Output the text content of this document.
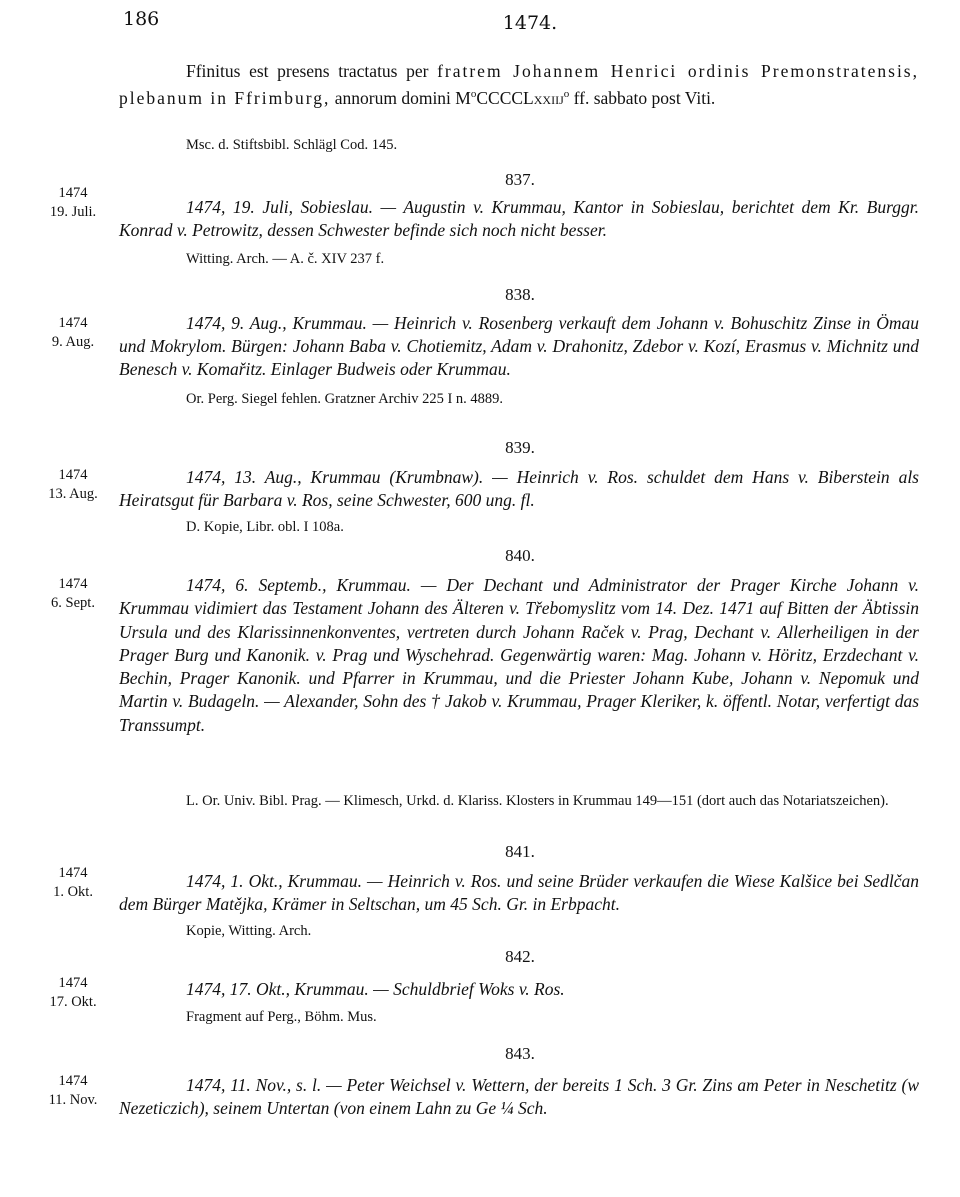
186	1474.
Ffinitus est presens tractatus per fratrem Johannem Henrici ordinis Premonstratensis, plebanum in Ffrimburg, annorum domini $M^oCCCCLxxiij^o$ ff. sabbato post Viti.
Msc. d. Stiftsbibl. Schlägl Cod. 145.
837.
1474
19. Juli.	1474, 19. Juli, Sobieslau. — Augustin v. Krummau, Kantor in Sobieslau, berichtet dem Kr. Burggr. Konrad v. Petrowitz, dessen Schwester befinde sich noch nicht besser.
Witting. Arch. — A. č. XIV 237 f.
838.
1474
9. Aug.
1474, 9. Aug., Krummau. — Heinrich v. Rosenberg verkauft dem Johann v. Bohuschitz Zinse in Ömau und Mokrylom. Bürgen: Johann Baba v. Chotiemitz, Adam v. Drahonitz, Zdebor v. Kozí, Erasmus v. Michnitz und Benesch v. Komařitz. Einlager Budweis oder Krummau.
Or. Perg. Siegel fehlen. Gratzner Archiv 225 I n. 4889.
839.
1474
13. Aug.
1474, 13. Aug., Krummau (Krumbnaw). — Heinrich v. Ros. schuldet dem Hans v. Biberstein als Heiratsgut für Barbara v. Ros, seine Schwester, 600 ung. fl.
D. Kopie, Libr. obl. I 108a.
840.
1474
6. Sept.
1474, 6. Septemb., Krummau. — Der Dechant und Administrator der Prager Kirche Johann v. Krummau vidimiert das Testament Johann des Älteren v. Třebomyslitz vom 14. Dez. 1471 auf Bitten der Äbtissin Ursula und des Klarissinnenkonventes, vertreten durch Johann Raček v. Prag, Dechant v. Allerheiligen in der Prager Burg und Kanonik. v. Prag und Wyschehrad. Gegenwärtig waren: Mag. Johann v. Höritz, Erzdechant v. Bechin, Prager Kanonik. und Pfarrer in Krummau, und die Priester Johann Kube, Johann v. Nepomuk und Martin v. Budageln. — Alexander, Sohn des † Jakob v. Krummau, Prager Kleriker, k. öffentl. Notar, verfertigt das Transsumpt.
L. Or. Univ. Bibl. Prag. — Klimesch, Urkd. d. Klariss. Klosters in Krummau 149—151 (dort auch das Notariatszeichen).
841.
1474
1. Okt.
1474, 1. Okt., Krummau. — Heinrich v. Ros. und seine Brüder verkaufen die Wiese Kalšice bei Sedlčan dem Bürger Matějka, Krämer in Seltschan, um 45 Sch. Gr. in Erbpacht.
Kopie, Witting. Arch.
842.
1474
17. Okt.
1474, 17. Okt., Krummau. — Schuldbrief Woks v. Ros.
Fragment auf Perg., Böhm. Mus.
843.
1474
11. Nov.
1474, 11. Nov., s. l. — Peter Weichsel v. Wettern, der bereits 1 Sch. 3 Gr. Zins am Peter in Neschetitz (w Nezeticzich), seinem Untertan (von einem Lahn zu Ge ¼ Sch.
